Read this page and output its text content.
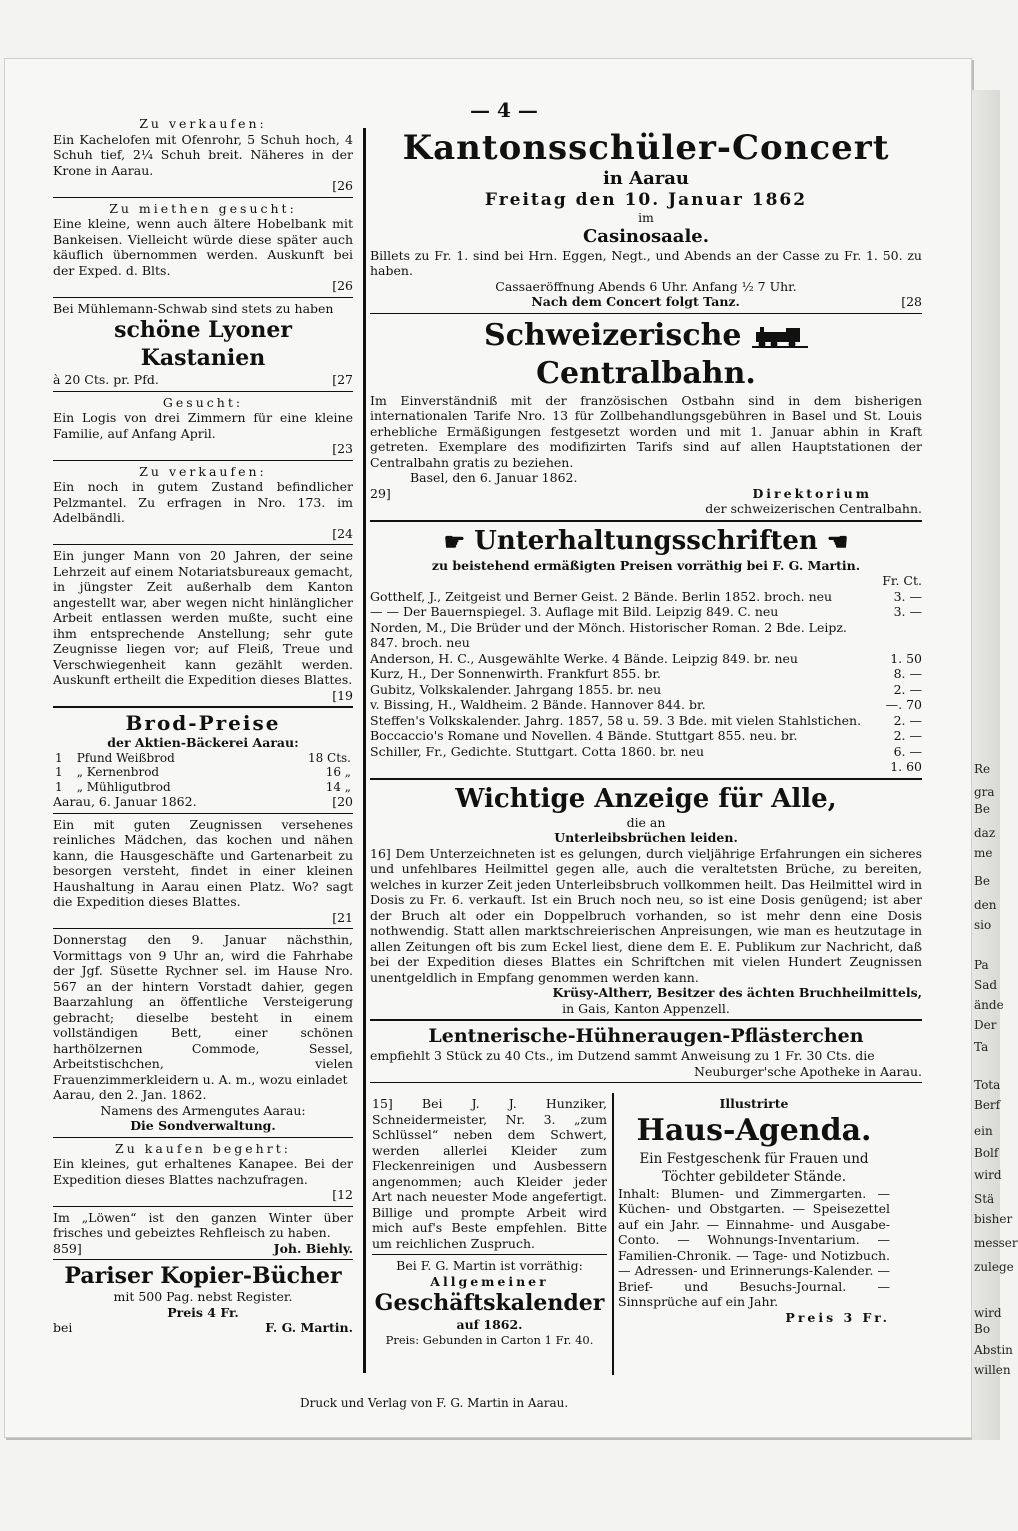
Re
gra
Be
daz
me
Be
den
sio
Pa
Sad
ände
Der
Ta
Tota
Berf
ein
Bolf
wird
Stä
bisher
messer
zulege
wird
Bo
Abstin
willen
— 4 —
Zu verkaufen:
Ein Kachelofen mit Ofenrohr, 5 Schuh hoch, 4 Schuh tief, 2¼ Schuh breit. Näheres in der Krone in Aarau.
[26
Zu miethen gesucht:
Eine kleine, wenn auch ältere Hobelbank mit Bankeisen. Vielleicht würde diese später auch käuflich übernommen werden. Auskunft bei der Exped. d. Blts.
[26
Bei Mühlemann-Schwab sind stets zu haben
schöne Lyoner Kastanien
à 20 Cts. pr. Pfd.	[27
Gesucht:
Ein Logis von drei Zimmern für eine kleine Familie, auf Anfang April.
[23
Zu verkaufen:
Ein noch in gutem Zustand befindlicher Pelzmantel. Zu erfragen in Nro. 173. im Adelbändli.
[24
Ein junger Mann von 20 Jahren, der seine Lehrzeit auf einem Notariatsbureaux gemacht, in jüngster Zeit außerhalb dem Kanton angestellt war, aber wegen nicht hinlänglicher Arbeit entlassen werden mußte, sucht eine ihm entsprechende Anstellung; sehr gute Zeugnisse liegen vor; auf Fleiß, Treue und Verschwiegenheit kann gezählt werden. Auskunft ertheilt die Expedition dieses Blattes.
[19
Brod-Preise
der Aktien-Bäckerei Aarau:
1	Pfund Weißbrod	18 Cts.
1	„ Kernenbrod	16 „
1	„ Mühligutbrod	14 „
Aarau, 6. Januar 1862.	[20
Ein mit guten Zeugnissen versehenes reinliches Mädchen, das kochen und nähen kann, die Hausgeschäfte und Gartenarbeit zu besorgen versteht, findet in einer kleinen Haushaltung in Aarau einen Platz. Wo? sagt die Expedition dieses Blattes.
[21
Donnerstag den 9. Januar nächsthin, Vormittags von 9 Uhr an, wird die Fahrhabe der Jgf. Süsette Rychner sel. im Hause Nro. 567 an der hintern Vorstadt dahier, gegen Baarzahlung an öffentliche Versteigerung gebracht; dieselbe besteht in einem vollständigen Bett, einer schönen harthölzernen Commode, Sessel, Arbeitstischchen, vielen Frauenzimmerkleidern u. A. m., wozu einladet
Aarau, den 2. Jan. 1862.
Namens des Armengutes Aarau:
Die Sondverwaltung.
Zu kaufen begehrt:
Ein kleines, gut erhaltenes Kanapee. Bei der Expedition dieses Blattes nachzufragen.
[12
Im „Löwen“ ist den ganzen Winter über frisches und gebeiztes Rehfleisch zu haben.
859]	Joh. Biehly.
Pariser Kopier-Bücher
mit 500 Pag. nebst Register.
Preis 4 Fr.
bei	F. G. Martin.
Kantonsschüler-Concert
in Aarau
Freitag den 10. Januar 1862
im
Casinosaale.
Billets zu Fr. 1. sind bei Hrn. Eggen, Negt., und Abends an der Casse zu Fr. 1. 50. zu haben.
Cassaeröffnung Abends 6 Uhr. Anfang ½ 7 Uhr.
Nach dem Concert folgt Tanz.	[28
Schweizerische  Centralbahn.
Im Einverständniß mit der französischen Ostbahn sind in dem bisherigen internationalen Tarife Nro. 13 für Zollbehandlungsgebühren in Basel und St. Louis erhebliche Ermäßigungen festgesetzt worden und mit 1. Januar abhin in Kraft getreten. Exemplare des modifizirten Tarifs sind auf allen Hauptstationen der Centralbahn gratis zu beziehen.
Basel, den 6. Januar 1862.
29]	Direktorium
der schweizerischen Centralbahn.
☛ Unterhaltungsschriften ☚
zu beistehend ermäßigten Preisen vorräthig bei F. G. Martin.
Fr. Ct.
Gotthelf, J., Zeitgeist und Berner Geist. 2 Bände. Berlin 1852. broch. neu	3. —
— — Der Bauernspiegel. 3. Auflage mit Bild. Leipzig 849. C. neu	3. —
Norden, M., Die Brüder und der Mönch. Historischer Roman. 2 Bde. Leipz. 847. broch. neu
Anderson, H. C., Ausgewählte Werke. 4 Bände. Leipzig 849. br. neu	1. 50
Kurz, H., Der Sonnenwirth. Frankfurt 855. br.	8. —
Gubitz, Volkskalender. Jahrgang 1855. br. neu	2. —
v. Bissing, H., Waldheim. 2 Bände. Hannover 844. br.	—. 70
Steffen's Volkskalender. Jahrg. 1857, 58 u. 59. 3 Bde. mit vielen Stahlstichen.	2. —
Boccaccio's Romane und Novellen. 4 Bände. Stuttgart 855. neu. br.	2. —
Schiller, Fr., Gedichte. Stuttgart. Cotta 1860. br. neu	6. —
1. 60
Wichtige Anzeige für Alle,
die an
Unterleibsbrüchen leiden.
16] Dem Unterzeichneten ist es gelungen, durch vieljährige Erfahrungen ein sicheres und unfehlbares Heilmittel gegen alle, auch die veraltetsten Brüche, zu bereiten, welches in kurzer Zeit jeden Unterleibsbruch vollkommen heilt. Das Heilmittel wird in Dosis zu Fr. 6. verkauft. Ist ein Bruch noch neu, so ist eine Dosis genügend; ist aber der Bruch alt oder ein Doppelbruch vorhanden, so ist mehr denn eine Dosis nothwendig. Statt allen marktschreierischen Anpreisungen, wie man es heutzutage in allen Zeitungen oft bis zum Eckel liest, diene dem E. E. Publikum zur Nachricht, daß bei der Expedition dieses Blattes ein Schriftchen mit vielen Hundert Zeugnissen unentgeldlich in Empfang genommen werden kann.
Krüsy-Altherr, Besitzer des ächten Bruchheilmittels,
in Gais, Kanton Appenzell.
Lentnerische-Hühneraugen-Pflästerchen
empfiehlt 3 Stück zu 40 Cts., im Dutzend sammt Anweisung zu 1 Fr. 30 Cts. die
Neuburger'sche Apotheke in Aarau.
15] Bei J. J. Hunziker, Schneidermeister, Nr. 3. „zum Schlüssel“ neben dem Schwert, werden allerlei Kleider zum Fleckenreinigen und Ausbessern angenommen; auch Kleider jeder Art nach neuester Mode angefertigt. Billige und prompte Arbeit wird mich auf's Beste empfehlen. Bitte um reichlichen Zuspruch.
Bei F. G. Martin ist vorräthig:
Allgemeiner
Geschäftskalender
auf 1862.
Preis: Gebunden in Carton 1 Fr. 40.
Illustrirte
Haus-Agenda.
Ein Festgeschenk für Frauen und Töchter gebildeter Stände.
Inhalt: Blumen- und Zimmergarten. — Küchen- und Obstgarten. — Speisezettel auf ein Jahr. — Einnahme- und Ausgabe-Conto. — Wohnungs-Inventarium. — Familien-Chronik. — Tage- und Notizbuch. — Adressen- und Erinnerungs-Kalender. — Brief- und Besuchs-Journal. — Sinnsprüche auf ein Jahr.
Preis 3 Fr.
Druck und Verlag von F. G. Martin in Aarau.
